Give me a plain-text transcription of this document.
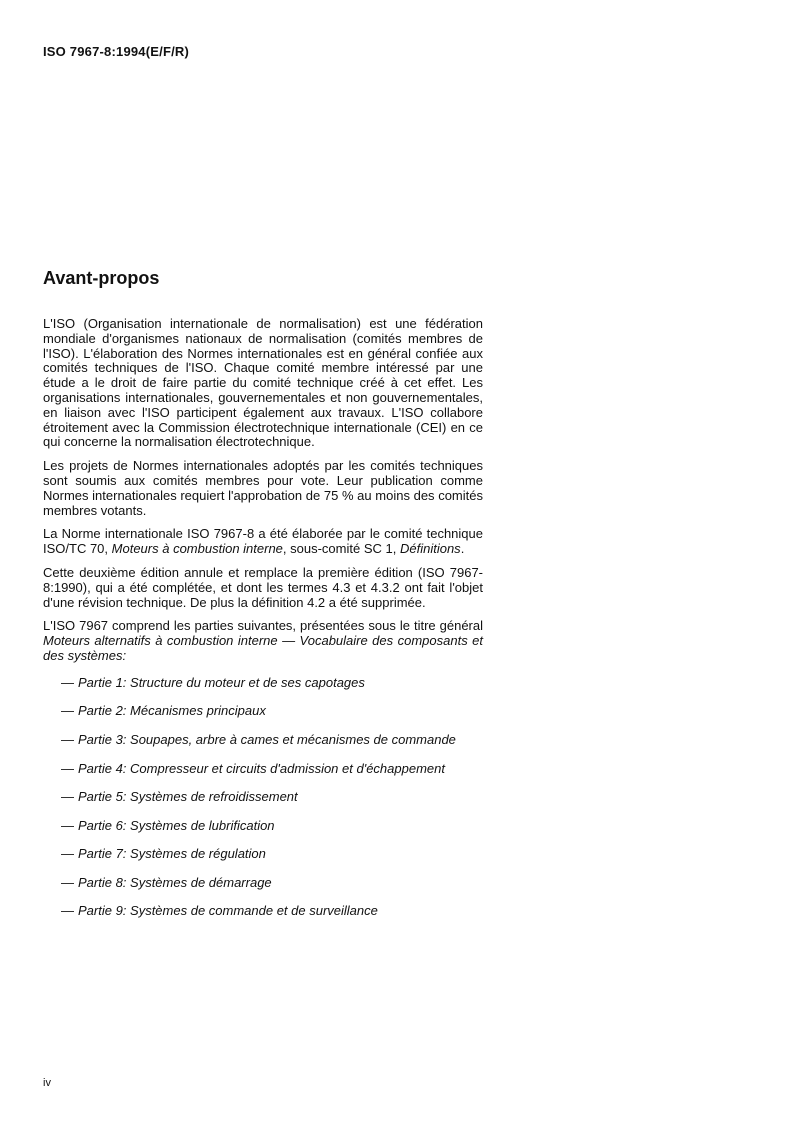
ISO 7967-8:1994(E/F/R)
Avant-propos

L'ISO (Organisation internationale de normalisation) est une fédération mondiale d'organismes nationaux de normalisation (comités membres de l'ISO). L'élaboration des Normes internationales est en général confiée aux comités techniques de l'ISO. Chaque comité membre intéressé par une étude a le droit de faire partie du comité technique créé à cet effet. Les organisations internationales, gouvernementales et non gouvernementales, en liaison avec l'ISO participent également aux travaux. L'ISO collabore étroitement avec la Commission électrotechnique internationale (CEI) en ce qui concerne la normalisation électrotechnique.

Les projets de Normes internationales adoptés par les comités techniques sont soumis aux comités membres pour vote. Leur publication comme Normes internationales requiert l'approbation de 75 % au moins des comités membres votants.

La Norme internationale ISO 7967-8 a été élaborée par le comité technique ISO/TC 70, Moteurs à combustion interne, sous-comité SC 1, Définitions.

Cette deuxième édition annule et remplace la première édition (ISO 7967-8:1990), qui a été complétée, et dont les termes 4.3 et 4.3.2 ont fait l'objet d'une révision technique. De plus la définition 4.2 a été supprimée.

L'ISO 7967 comprend les parties suivantes, présentées sous le titre général Moteurs alternatifs à combustion interne — Vocabulaire des composants et des systèmes:

— Partie 1: Structure du moteur et de ses capotages
— Partie 2: Mécanismes principaux
— Partie 3: Soupapes, arbre à cames et mécanismes de commande
— Partie 4: Compresseur et circuits d'admission et d'échappement
— Partie 5: Systèmes de refroidissement
— Partie 6: Systèmes de lubrification
— Partie 7: Systèmes de régulation
— Partie 8: Systèmes de démarrage
— Partie 9: Systèmes de commande et de surveillance
iv
